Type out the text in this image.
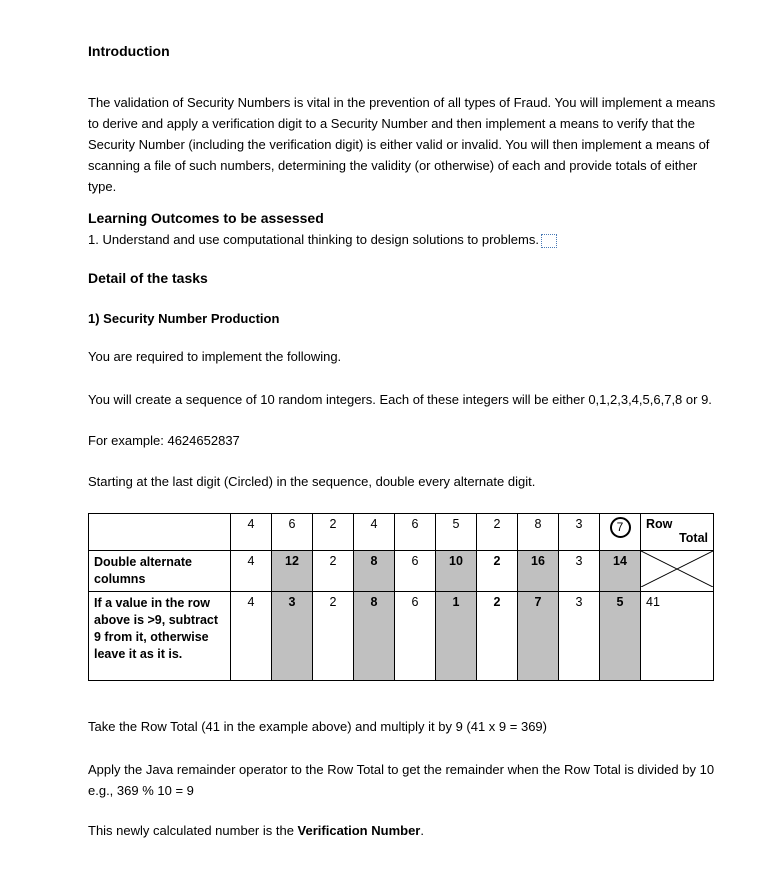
Introduction

The validation of Security Numbers is vital in the prevention of all types of Fraud. You will implement a means to derive and apply a verification digit to a Security Number and then implement a means to verify that the Security Number (including the verification digit) is either valid or invalid. You will then implement a means of scanning a file of such numbers, determining the validity (or otherwise) of each and provide totals of either type.

Learning Outcomes to be assessed

1. Understand and use computational thinking to design solutions to problems.

Detail of the tasks

1) Security Number Production

You are required to implement the following.

You will create a sequence of 10 random integers. Each of these integers will be either 0,1,2,3,4,5,6,7,8 or 9.

For example: 4624652837

Starting at the last digit (Circled) in the sequence, double every alternate digit.

	4	6	2	4	6	5	2	8	3	7	Row
Total

Double alternate columns	4	12	2	8	6	10	2	16	3	14	

If a value in the row above is >9, subtract 9 from it, otherwise leave it as it is.	4	3	2	8	6	1	2	7	3	5	41

Take the Row Total (41 in the example above) and multiply it by 9 (41 x 9 = 369)

Apply the Java remainder operator to the Row Total to get the remainder when the Row Total is divided by 10 e.g., 369 % 10 = 9

This newly calculated number is the Verification Number.
